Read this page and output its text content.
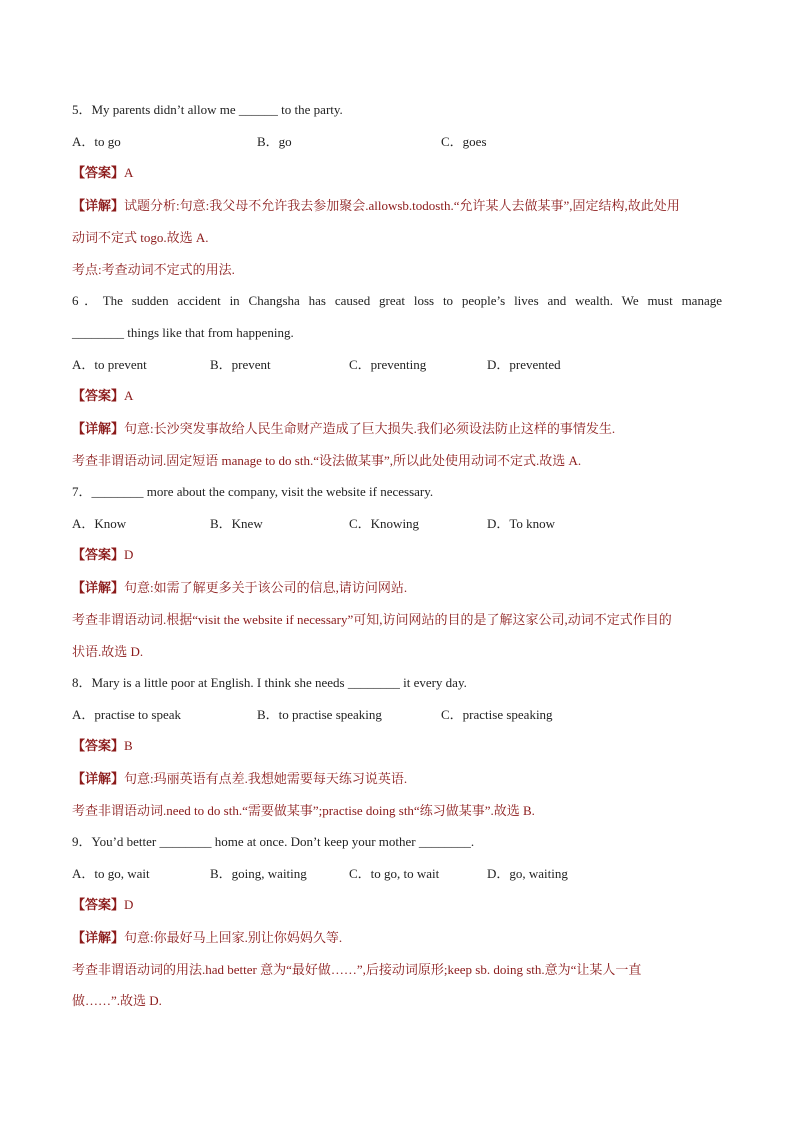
5．My parents didn’t allow me ______ to the party.
A．to go	B．go	C．goes
【答案】A
【详解】试题分析:句意:我父母不允许我去参加聚会.allowsb.todosth.“允许某人去做某事”,固定结构,故此处用
动词不定式 togo.故选 A.
考点:考查动词不定式的用法.
6．The sudden accident in Changsha has caused great loss to people’s lives and wealth. We must manage
________ things like that from happening.
A．to prevent	B．prevent	C．preventing	D．prevented
【答案】A
【详解】句意:长沙突发事故给人民生命财产造成了巨大损失.我们必须设法防止这样的事情发生.
考查非谓语动词.固定短语 manage to do sth.“设法做某事”,所以此处使用动词不定式.故选 A.
7．________ more about the company, visit the website if necessary.
A．Know	B．Knew	C．Knowing	D．To know
【答案】D
【详解】句意:如需了解更多关于该公司的信息,请访问网站.
考查非谓语动词.根据“visit the website if necessary”可知,访问网站的目的是了解这家公司,动词不定式作目的
状语.故选 D.
8．Mary is a little poor at English. I think she needs ________ it every day.
A．practise to speak	B．to practise speaking	C．practise speaking
【答案】B
【详解】句意:玛丽英语有点差.我想她需要每天练习说英语.
考查非谓语动词.need to do sth.“需要做某事”;practise doing sth“练习做某事”.故选 B.
9．You’d better ________ home at once. Don’t keep your mother ________.
A．to go, wait	B．going, waiting	C．to go, to wait	D．go, waiting
【答案】D
【详解】句意:你最好马上回家.别让你妈妈久等.
考查非谓语动词的用法.had better 意为“最好做……”,后接动词原形;keep sb. doing sth.意为“让某人一直
做……”.故选 D.
